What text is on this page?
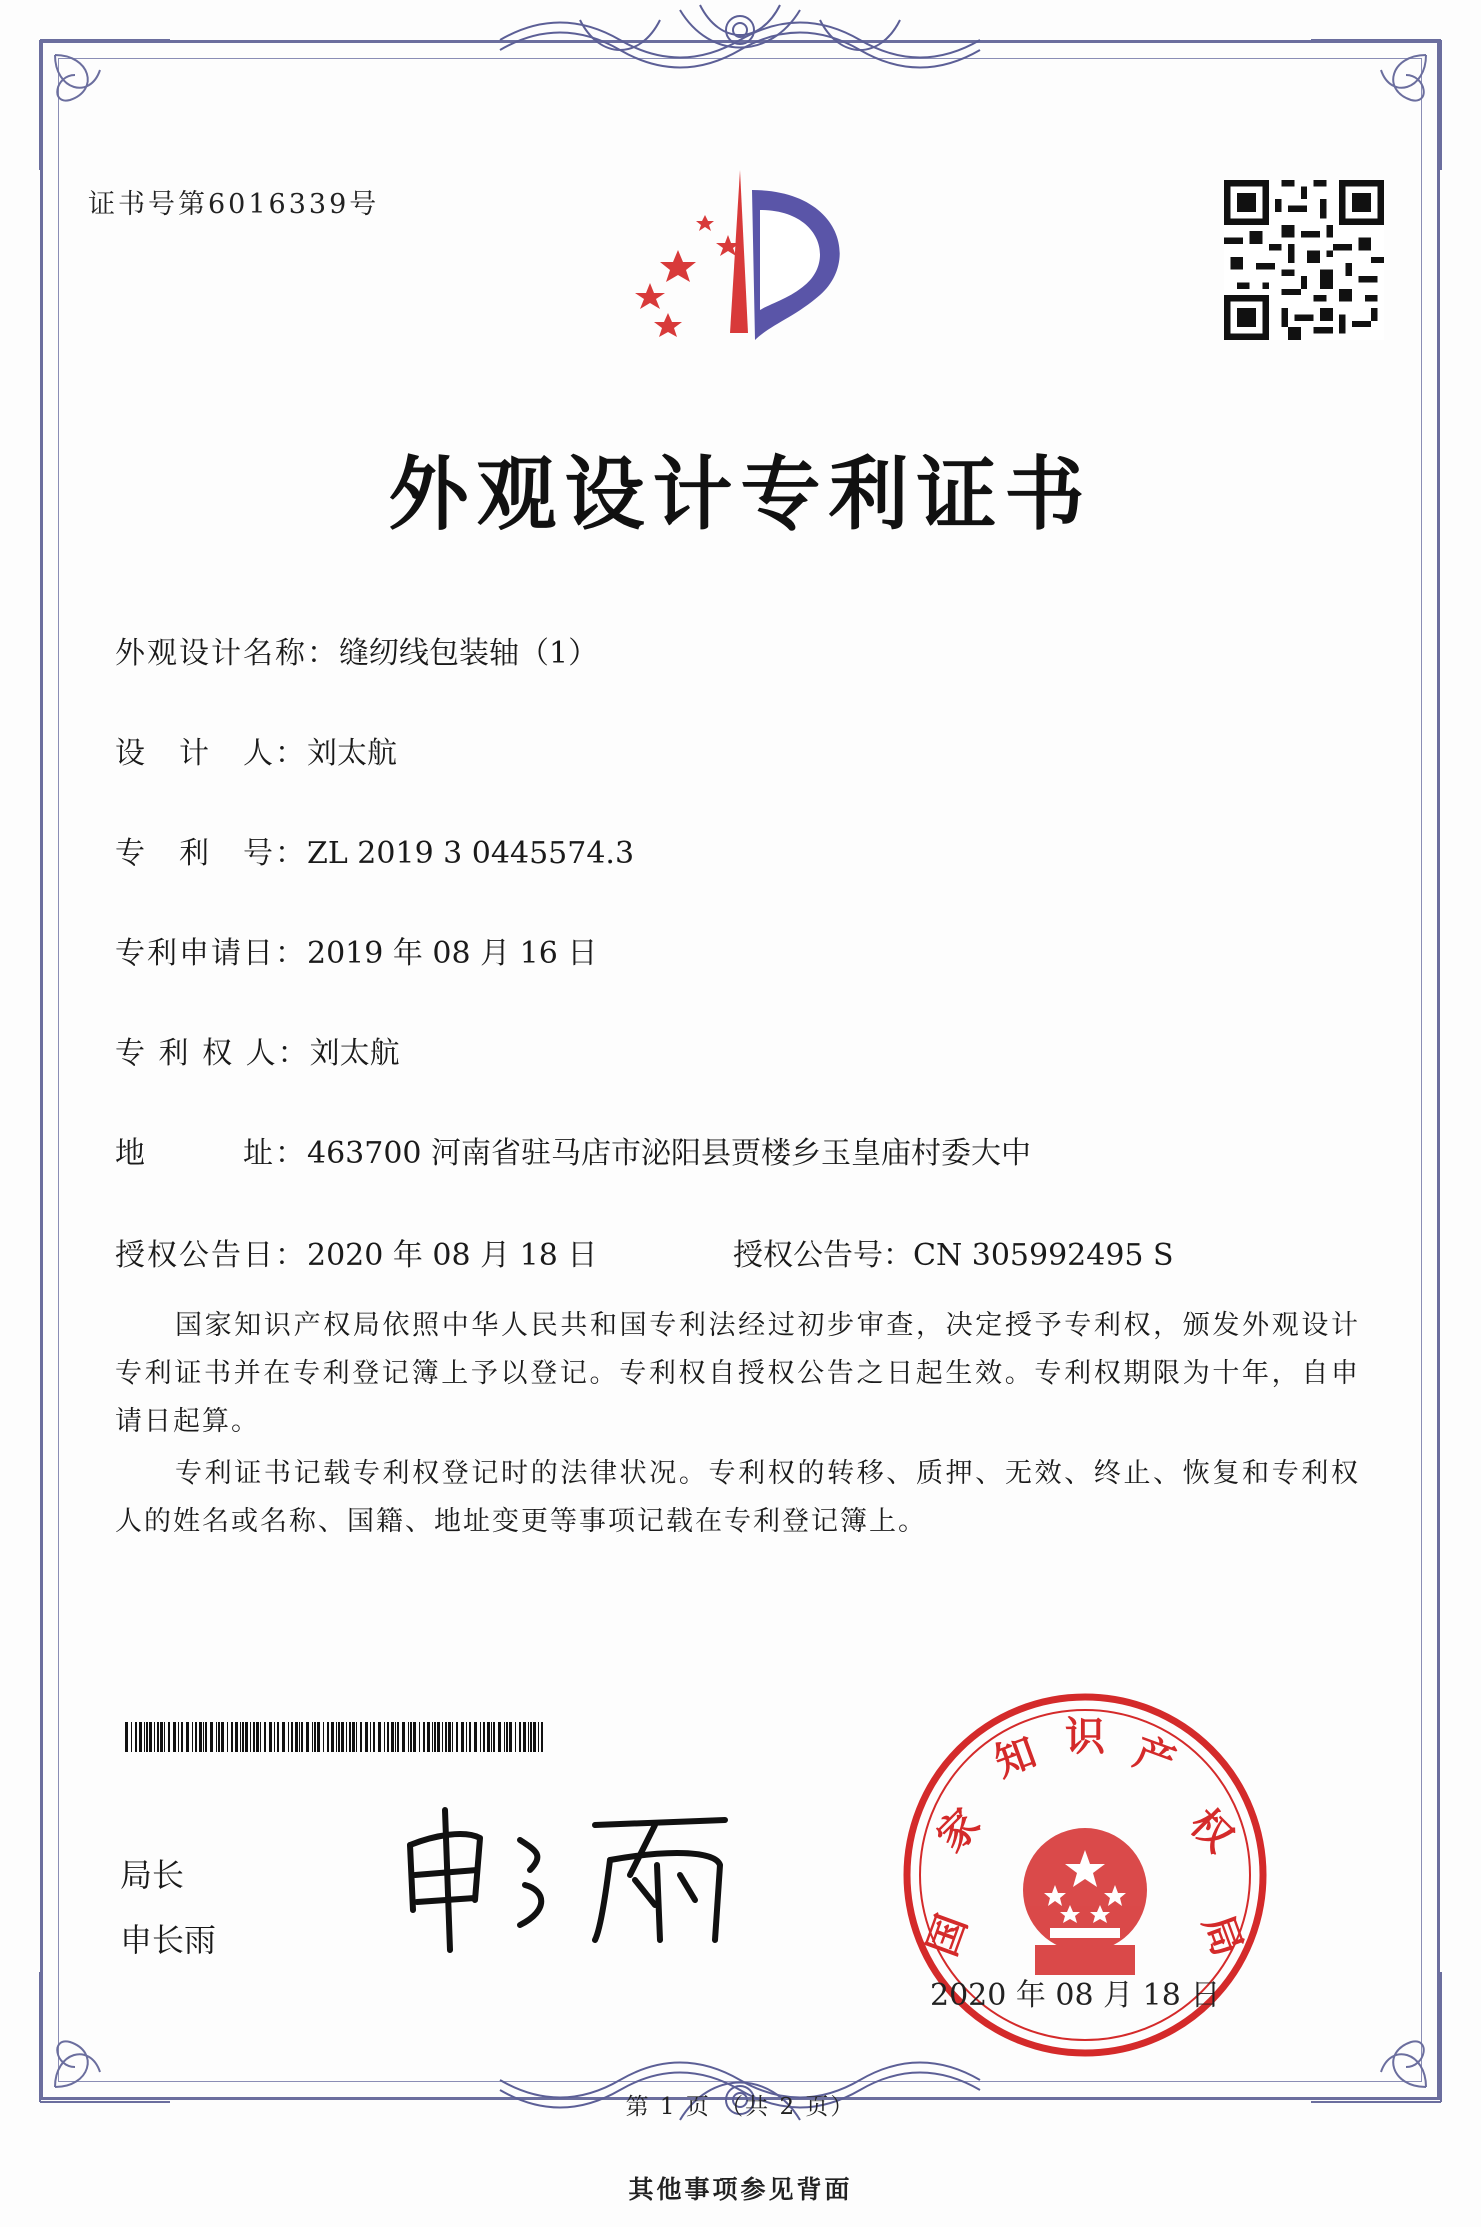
证书号第6016339号
外观设计专利证书
外观设计名称：缝纫线包装轴（1）
设　计　人：刘太航
专　利　号：ZL 2019 3 0445574.3
专利申请日：2019 年 08 月 16 日
专 利 权 人：刘太航
地　　　址：463700 河南省驻马店市泌阳县贾楼乡玉皇庙村委大中
授权公告日：2020 年 08 月 18 日	授权公告号：CN 305992495 S

国家知识产权局依照中华人民共和国专利法经过初步审查，决定授予专利权，颁发外观设计专利证书并在专利登记簿上予以登记。专利权自授权公告之日起生效。专利权期限为十年，自申请日起算。

专利证书记载专利权登记时的法律状况。专利权的转移、质押、无效、终止、恢复和专利权人的姓名或名称、国籍、地址变更等事项记载在专利登记簿上。

局长
申长雨	国
家
知 识 产
权
局
2020 年 08 月 18 日
第 1 页 （共 2 页）
其他事项参见背面
